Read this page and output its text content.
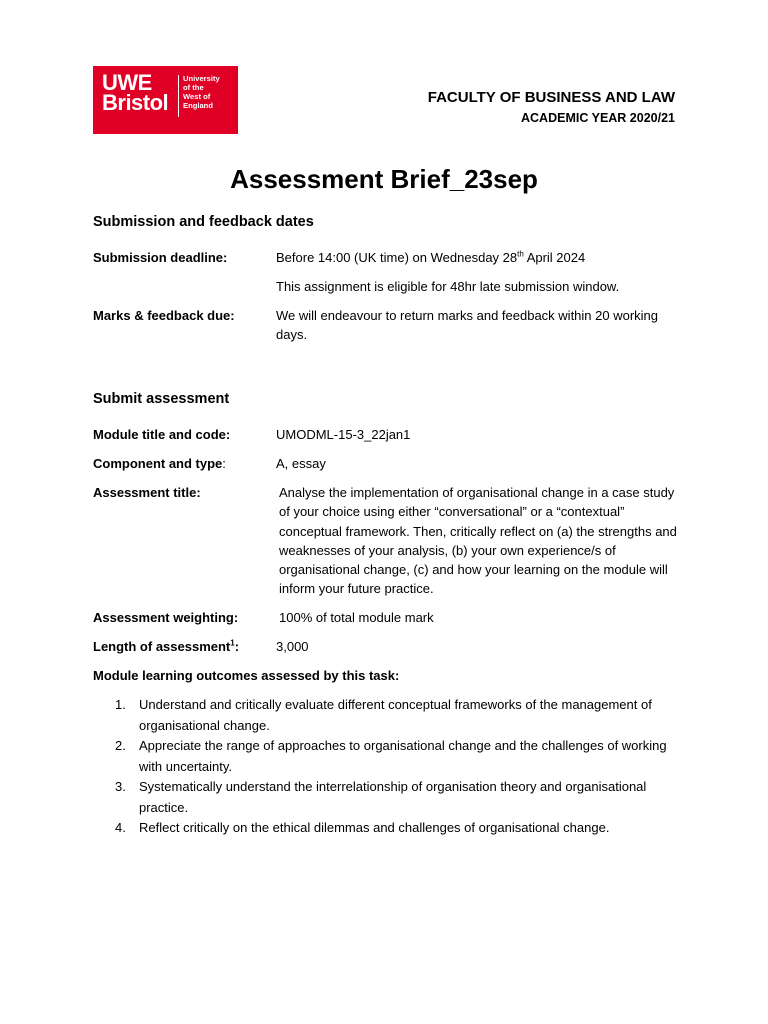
UWE
Bristol
University
of the
West of
England	FACULTY OF BUSINESS AND LAW
ACADEMIC YEAR 2020/21
Assessment Brief_23sep
Submission and feedback dates
Submission deadline:	Before 14:00 (UK time) on Wednesday 28th April 2024
This assignment is eligible for 48hr late submission window.
Marks & feedback due:	We will endeavour to return marks and feedback within 20 working days.
Submit assessment
Module title and code:	UMODML-15-3_22jan1
Component and type:	A, essay
Assessment title:	Analyse the implementation of organisational change in a case study of your choice using either “conversational” or a “contextual” conceptual framework. Then, critically reflect on (a) the strengths and weaknesses of your analysis, (b) your own experience/s of organisational change, (c) and how your learning on the module will inform your future practice.
Assessment weighting:	100% of total module mark
Length of assessment$^1$:	3,000
Module learning outcomes assessed by this task:
1. Understand and critically evaluate different conceptual frameworks of the management of organisational change.
2. Appreciate the range of approaches to organisational change and the challenges of working with uncertainty.
3. Systematically understand the interrelationship of organisation theory and organisational practice.
4. Reflect critically on the ethical dilemmas and challenges of organisational change.
